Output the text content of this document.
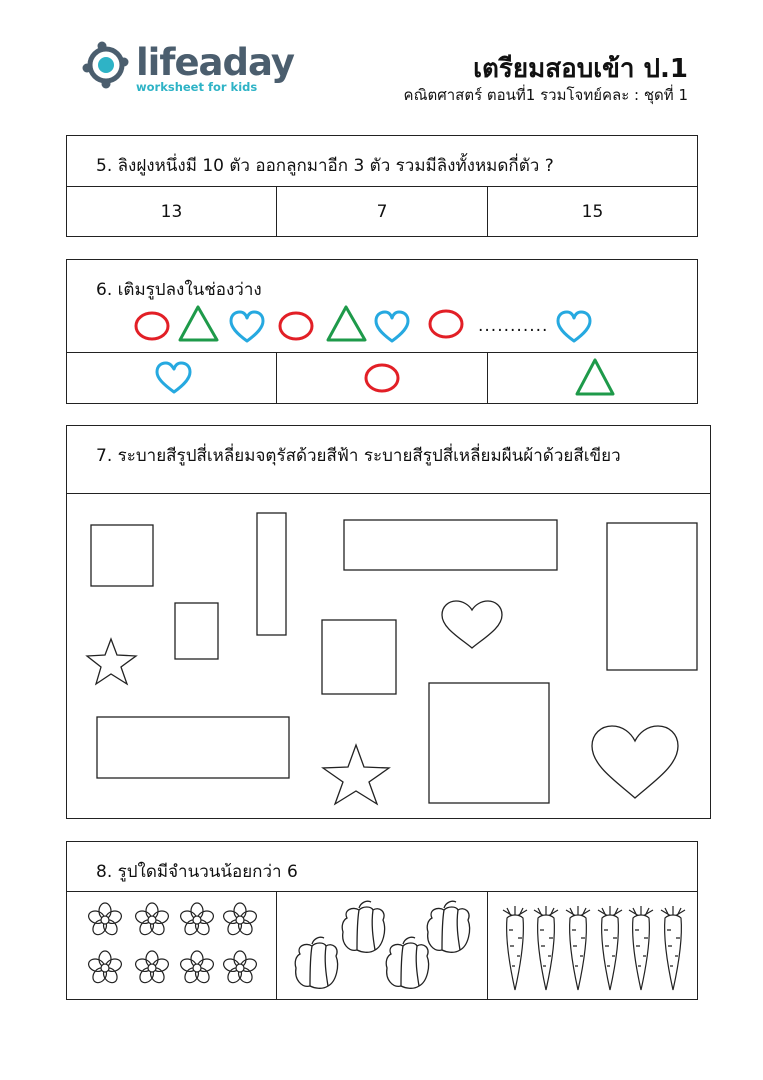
lifeaday
worksheet for kids
เตรียมสอบเข้า ป.1
คณิตศาสตร์ ตอนที่1 รวมโจทย์คละ : ชุดที่ 1
5. ลิงฝูงหนึ่งมี 10 ตัว ออกลูกมาอีก 3 ตัว รวมมีลิงทั้งหมดกี่ตัว ?
13	7	15
6. เติมรูปลงในช่องว่าง
...........
7. ระบายสีรูปสี่เหลี่ยมจตุรัสด้วยสีฟ้า ระบายสีรูปสี่เหลี่ยมผืนผ้าด้วยสีเขียว
8. รูปใดมีจำนวนน้อยกว่า 6
